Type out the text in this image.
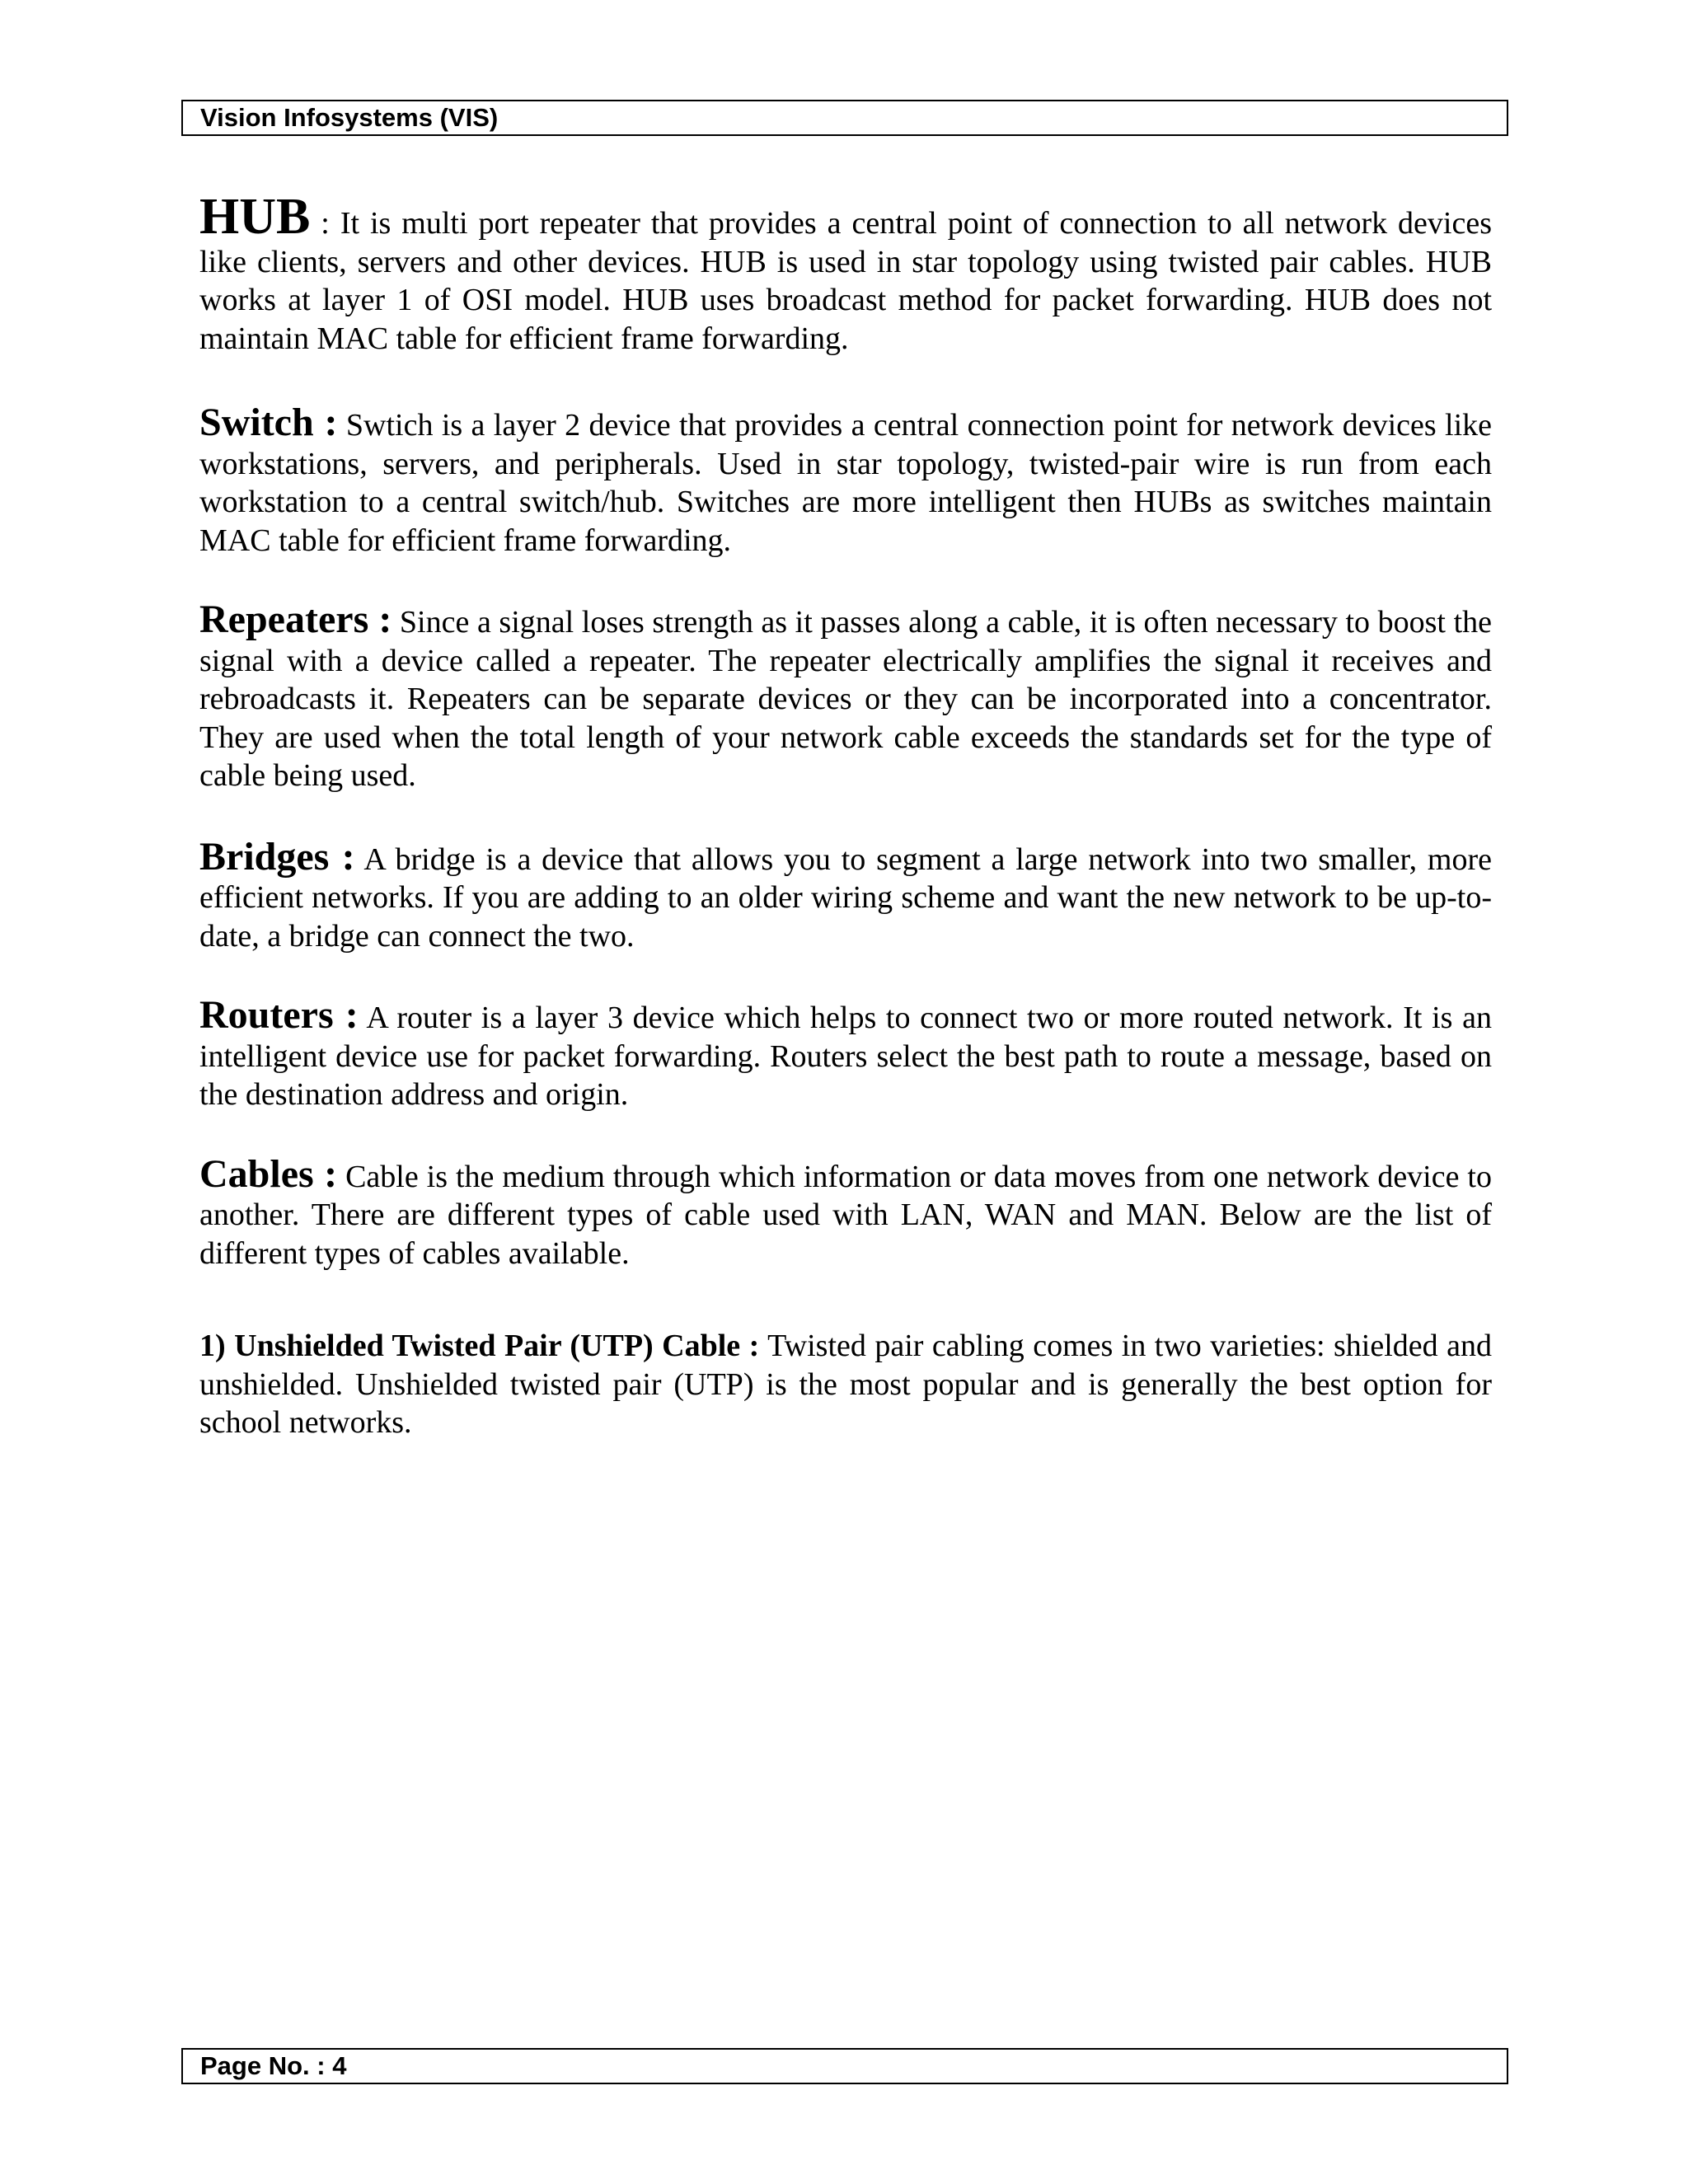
Vision Infosystems (VIS)

HUB : It is multi port repeater that provides a central point of connection to all network devices like clients, servers and other devices. HUB is used in star topology using twisted pair cables. HUB works at layer 1 of OSI model. HUB uses broadcast method for packet forwarding. HUB does not maintain MAC table for efficient frame forwarding.

Switch : Swtich is a layer 2 device that provides a central connection point for network devices like workstations, servers, and peripherals. Used in star topology, twisted-pair wire is run from each workstation to a central switch/hub. Switches are more intelligent then HUBs as switches maintain MAC table for efficient frame forwarding.

Repeaters : Since a signal loses strength as it passes along a cable, it is often necessary to boost the signal with a device called a repeater. The repeater electrically amplifies the signal it receives and rebroadcasts it. Repeaters can be separate devices or they can be incorporated into a concentrator. They are used when the total length of your network cable exceeds the standards set for the type of cable being used.

Bridges : A bridge is a device that allows you to segment a large network into two smaller, more efficient networks. If you are adding to an older wiring scheme and want the new network to be up-to-date, a bridge can connect the two.

Routers : A router is a layer 3 device which helps to connect two or more routed network. It is an intelligent device use for packet forwarding. Routers select the best path to route a message, based on the destination address and origin.

Cables : Cable is the medium through which information or data moves from one network device to another. There are different types of cable used with LAN, WAN and MAN. Below are the list of different types of cables available.

1) Unshielded Twisted Pair (UTP) Cable : Twisted pair cabling comes in two varieties: shielded and unshielded. Unshielded twisted pair (UTP) is the most popular and is generally the best option for school networks.

Page No. : 4
